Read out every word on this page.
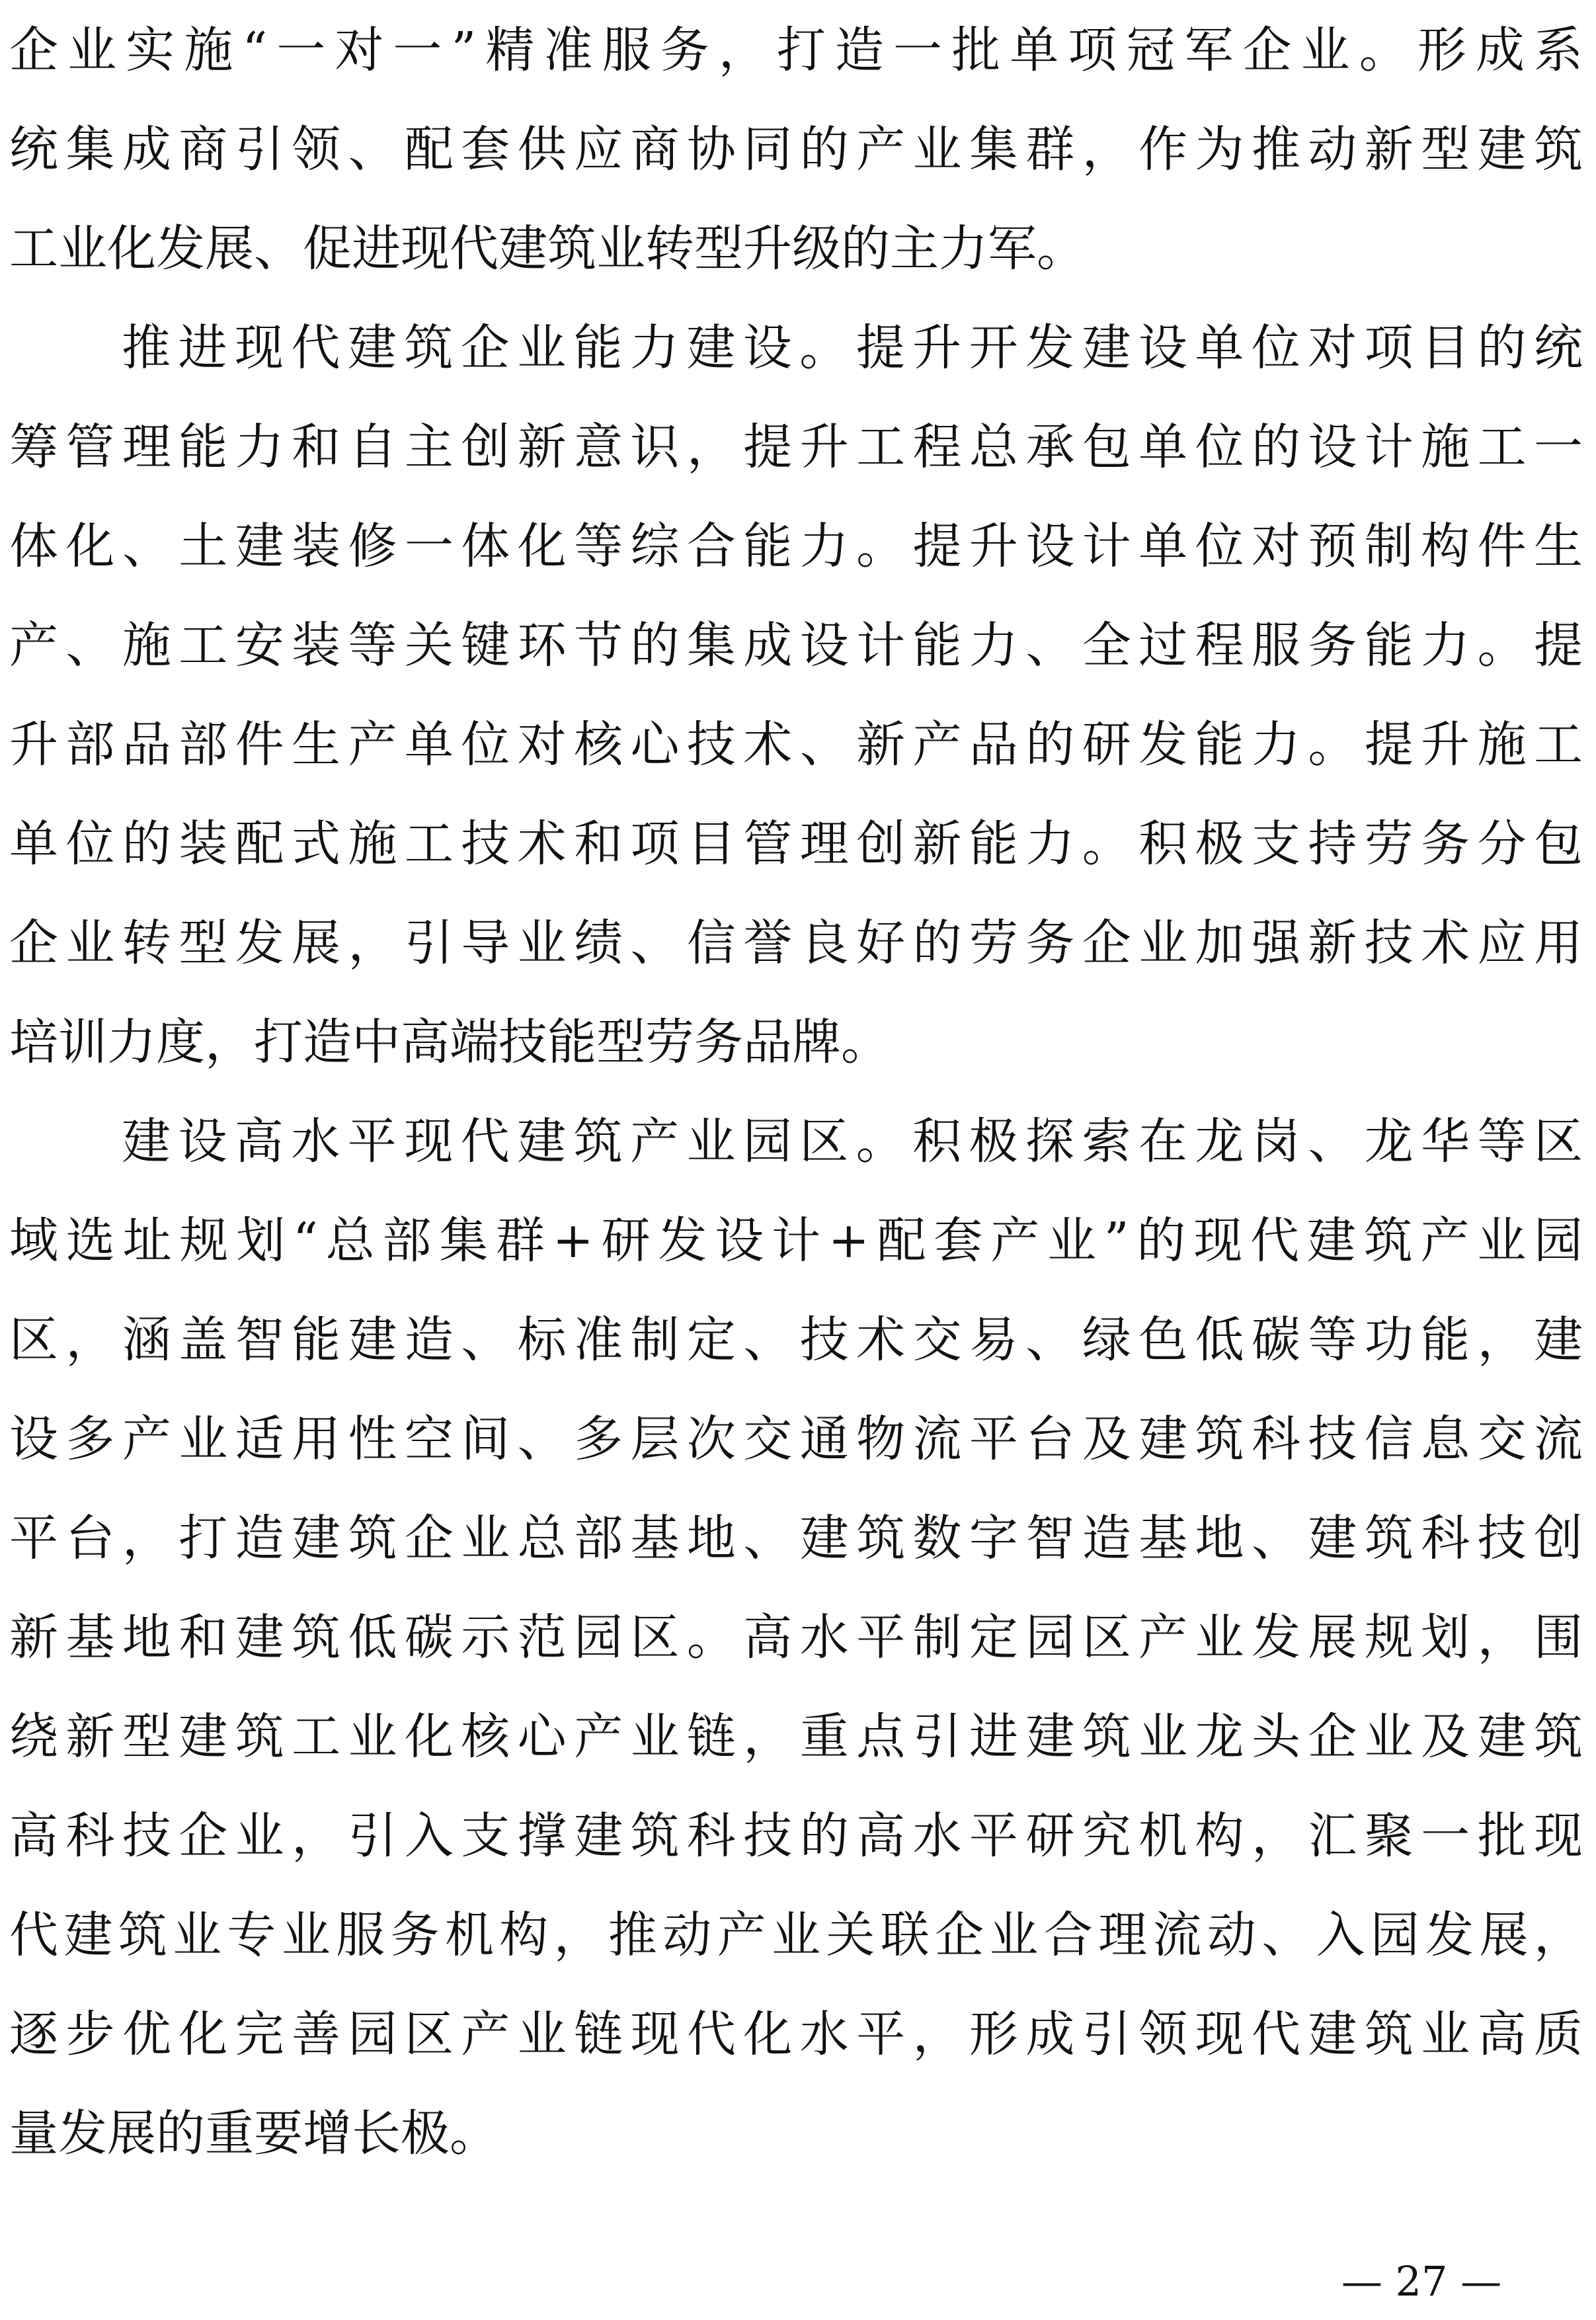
企业实施“一对一”精准服务，打造一批单项冠军企业。形成系
统集成商引领、配套供应商协同的产业集群，作为推动新型建筑
工业化发展、促进现代建筑业转型升级的主力军。
推进现代建筑企业能力建设。提升开发建设单位对项目的统
筹管理能力和自主创新意识，提升工程总承包单位的设计施工一
体化、土建装修一体化等综合能力。提升设计单位对预制构件生
产、施工安装等关键环节的集成设计能力、全过程服务能力。提
升部品部件生产单位对核心技术、新产品的研发能力。提升施工
单位的装配式施工技术和项目管理创新能力。积极支持劳务分包
企业转型发展，引导业绩、信誉良好的劳务企业加强新技术应用
培训力度，打造中高端技能型劳务品牌。
建设高水平现代建筑产业园区。积极探索在龙岗、龙华等区
域选址规划“总部集群+研发设计+配套产业”的现代建筑产业园
区，涵盖智能建造、标准制定、技术交易、绿色低碳等功能，建
设多产业适用性空间、多层次交通物流平台及建筑科技信息交流
平台，打造建筑企业总部基地、建筑数字智造基地、建筑科技创
新基地和建筑低碳示范园区。高水平制定园区产业发展规划，围
绕新型建筑工业化核心产业链，重点引进建筑业龙头企业及建筑
高科技企业，引入支撑建筑科技的高水平研究机构，汇聚一批现
代建筑业专业服务机构，推动产业关联企业合理流动、入园发展，
逐步优化完善园区产业链现代化水平，形成引领现代建筑业高质
量发展的重要增长极。
— 27 —
